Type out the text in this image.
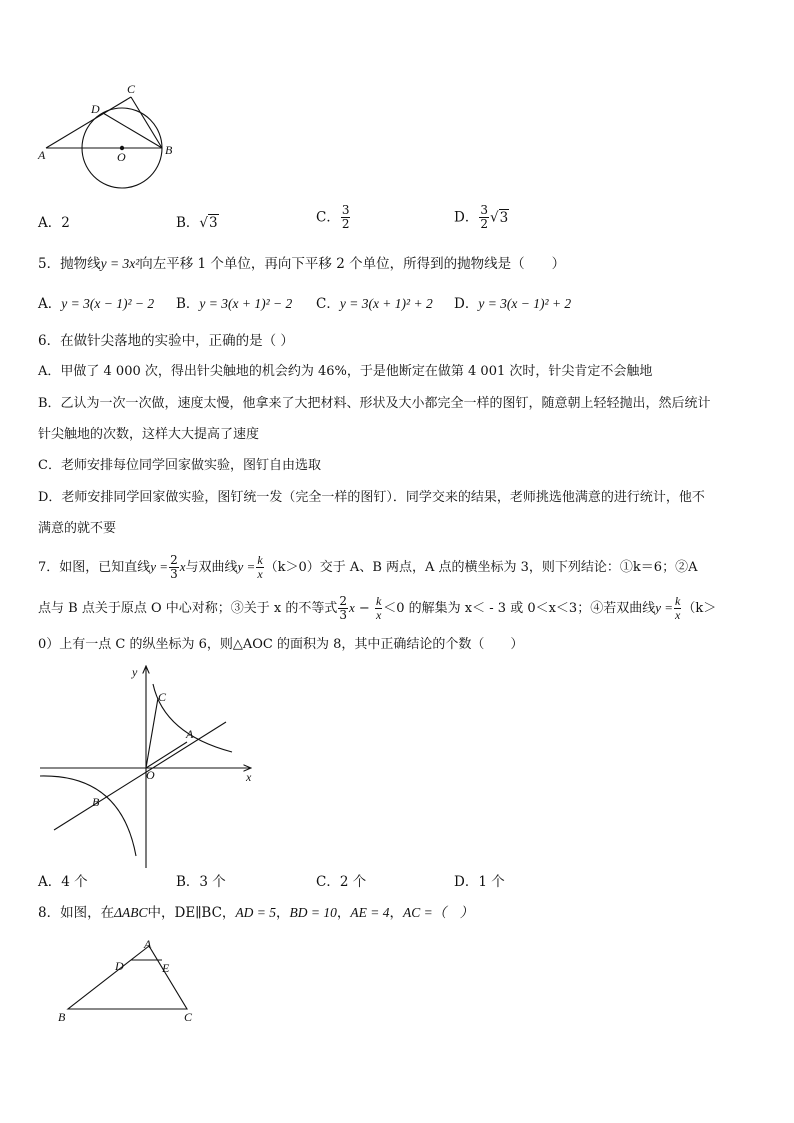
C
D
A	O	B
A．2	B．√3	C． $\frac{3}{2}$	D． $\frac{3}{2} √3$
5．抛物线y = 3x²向左平移 1 个单位，再向下平移 2 个单位，所得到的抛物线是（　　）
A．y = 3(x − 1)² − 2 B．y = 3(x + 1)² − 2 C．y = 3(x + 1)² + 2 D．y = 3(x − 1)² + 2
6．在做针尖落地的实验中，正确的是（ ）
A．甲做了 4 000 次，得出针尖触地的机会约为 46%，于是他断定在做第 4 001 次时，针尖肯定不会触地
B．乙认为一次一次做，速度太慢，他拿来了大把材料、形状及大小都完全一样的图钉，随意朝上轻轻抛出，然后统计
针尖触地的次数，这样大大提高了速度
C．老师安排每位同学回家做实验，图钉自由选取
D．老师安排同学回家做实验，图钉统一发（完全一样的图钉）．同学交来的结果，老师挑选他满意的进行统计，他不
满意的就不要
7．如图，已知直线$y = \frac{2}{3}$ x与双曲线$y = \frac{k}{x} (k>0)$交于 A、B 两点，A 点的横坐标为 3，则下列结论：①k＝6；②A
点与 B 点关于原点 O 中心对称；③关于 x 的不等式 $\frac{2}{3}$ $x - \frac{k}{x} <0$ 的解集为 x＜ - 3 或 0＜x＜3；④若双曲线$y = \frac{k}{x} (k>$
0）上有一点 C 的纵坐标为 6，则△AOC 的面积为 8，其中正确结论的个数（　　）
y
x
O
C
A
B
A．4 个	B．3 个	C．2 个	D．1 个
8．如图，在ΔABC中，DE∥BC，AD = 5，BD = 10，AE = 4，AC =（　）
A
D	E
B	C
